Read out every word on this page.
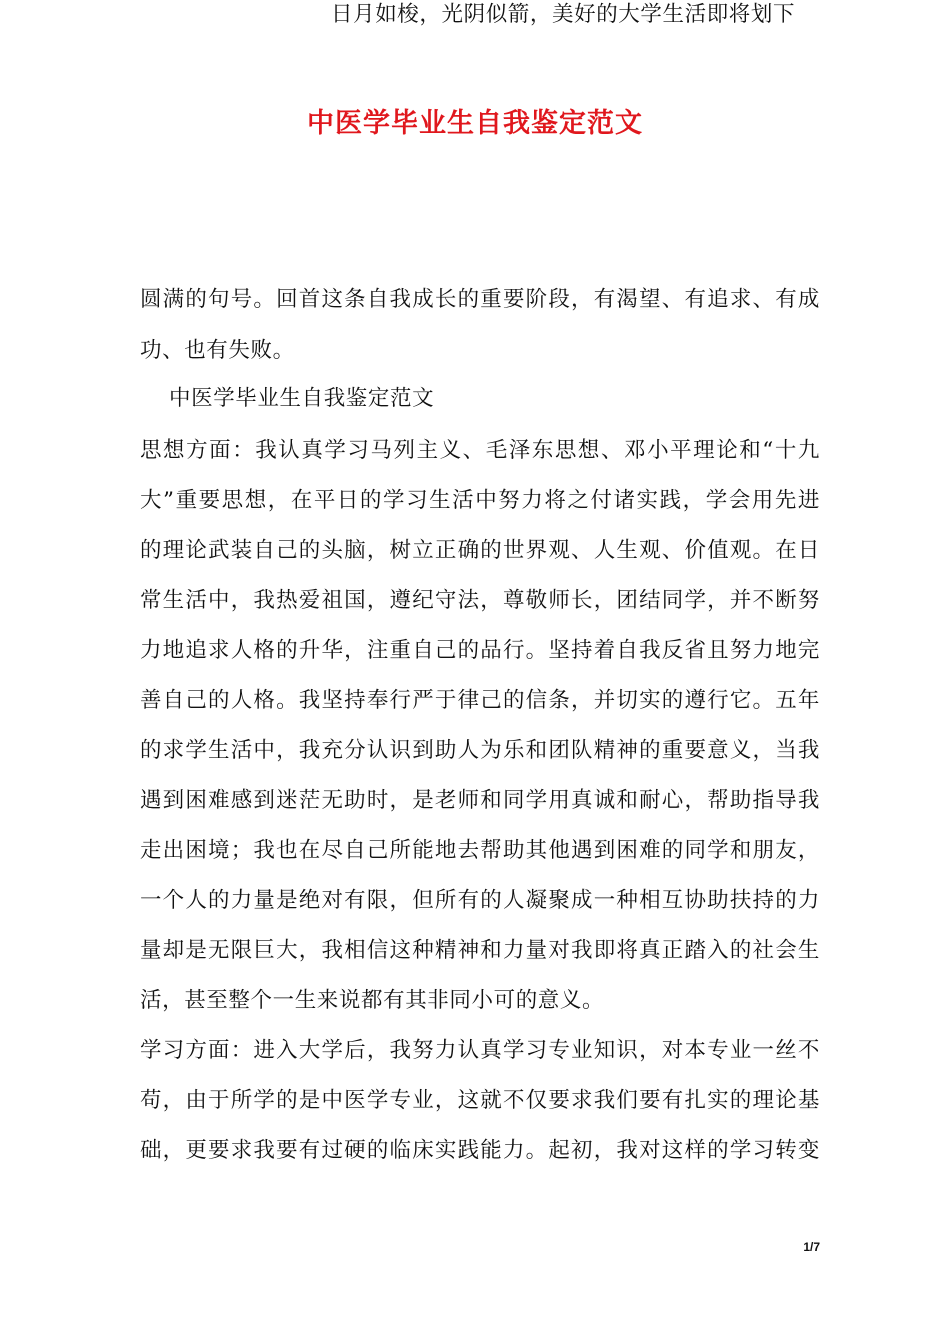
中医学毕业生自我鉴定范文
日月如梭，光阴似箭，美好的大学生活即将划下
圆满的句号。回首这条自我成长的重要阶段，有渴望、有追求、有成
功、也有失败。
中医学毕业生自我鉴定范文
思想方面：我认真学习马列主义、毛泽东思想、邓小平理论和“十九
大”重要思想，在平日的学习生活中努力将之付诸实践，学会用先进
的理论武装自己的头脑，树立正确的世界观、人生观、价值观。在日
常生活中，我热爱祖国，遵纪守法，尊敬师长，团结同学，并不断努
力地追求人格的升华，注重自己的品行。坚持着自我反省且努力地完
善自己的人格。我坚持奉行严于律己的信条，并切实的遵行它。五年
的求学生活中，我充分认识到助人为乐和团队精神的重要意义，当我
遇到困难感到迷茫无助时，是老师和同学用真诚和耐心，帮助指导我
走出困境；我也在尽自己所能地去帮助其他遇到困难的同学和朋友，
一个人的力量是绝对有限，但所有的人凝聚成一种相互协助扶持的力
量却是无限巨大，我相信这种精神和力量对我即将真正踏入的社会生
活，甚至整个一生来说都有其非同小可的意义。
学习方面：进入大学后，我努力认真学习专业知识，对本专业一丝不
苟，由于所学的是中医学专业，这就不仅要求我们要有扎实的理论基
础，更要求我要有过硬的临床实践能力。起初，我对这样的学习转变
1/7
